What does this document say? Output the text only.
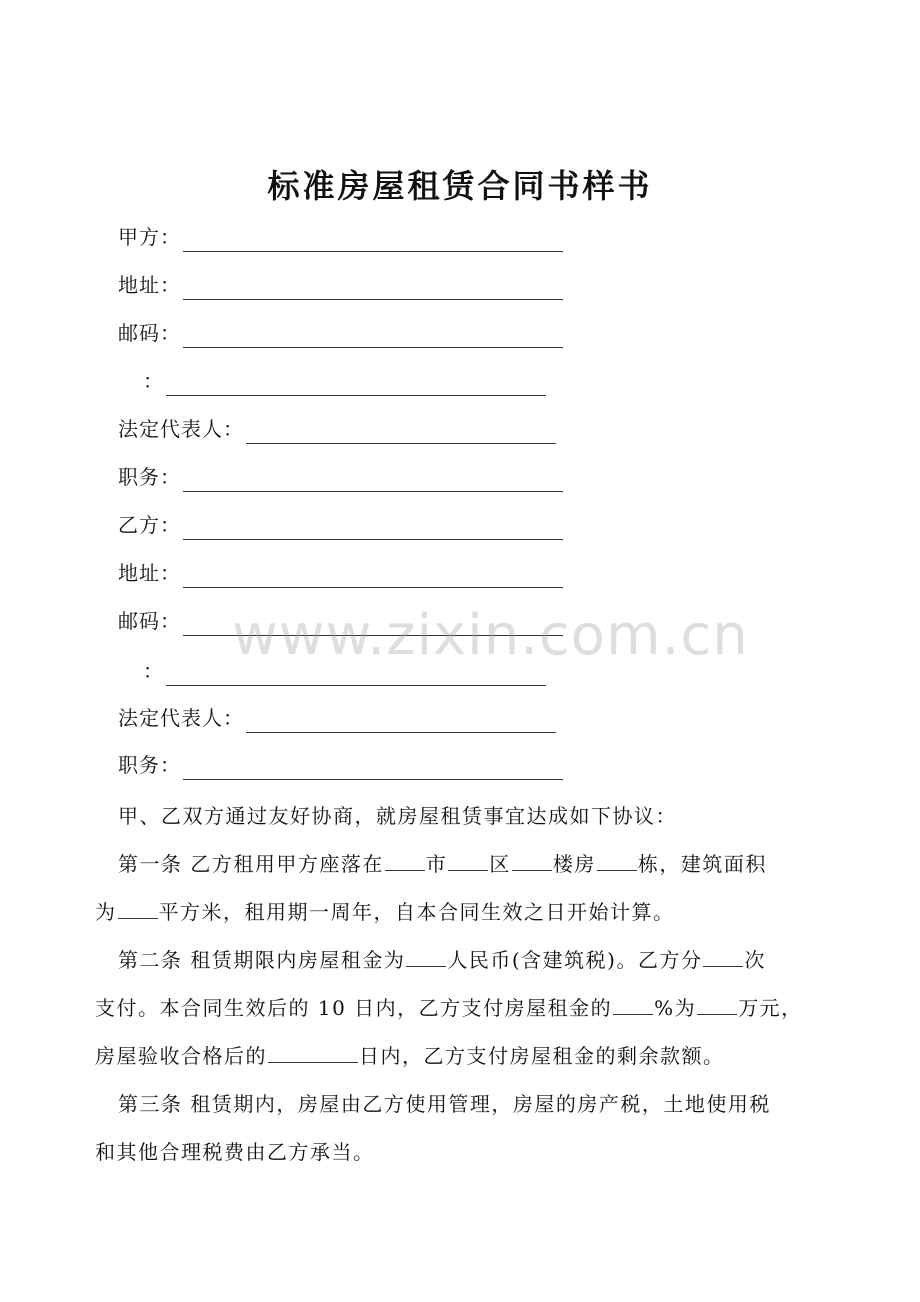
标准房屋租赁合同书样书
甲方：
地址：
邮码：
：
法定代表人：
职务：
乙方：
地址：
邮码：
：
法定代表人：
职务：
甲、乙双方通过友好协商，就房屋租赁事宜达成如下协议：
第一条 乙方租用甲方座落在 市 区 楼房 栋，建筑面积
为 平方米，租用期一周年，自本合同生效之日开始计算。
第二条 租赁期限内房屋租金为 人民币(含建筑税)。乙方分 次
支付。本合同生效后的 10 日内，乙方支付房屋租金的 %为 万元，
房屋验收合格后的	日内，乙方支付房屋租金的剩余款额。
第三条 租赁期内，房屋由乙方使用管理，房屋的房产税，土地使用税
和其他合理税费由乙方承当。
www.zixin.com.cn
